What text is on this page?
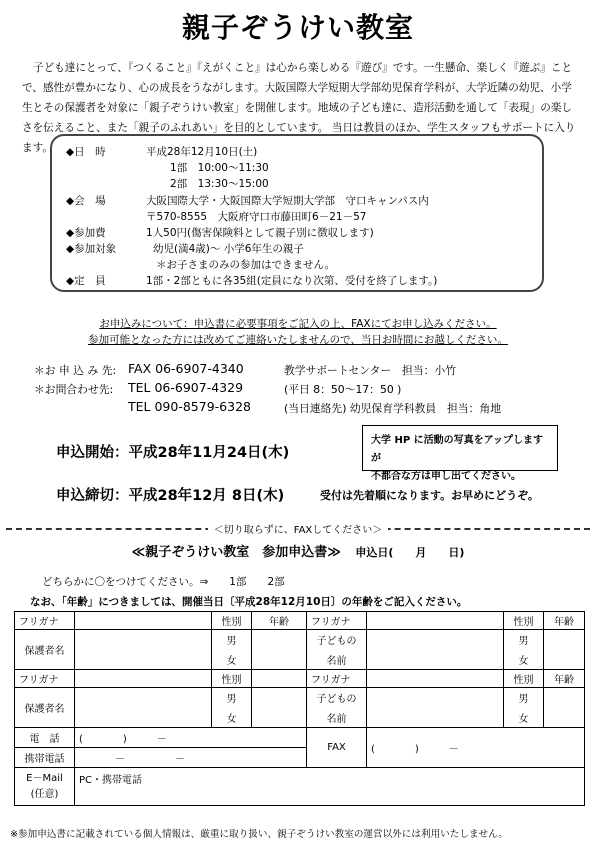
親子ぞうけい教室

子ども達にとって、『つくること』『えがくこと』は心から楽しめる『遊び』です。一生懸命、楽しく『遊ぶ』ことで、感性が豊かになり、心の成長をうながします。大阪国際大学短期大学部幼児保育学科が、大学近隣の幼児、小学生とその保護者を対象に「親子ぞうけい教室」を開催します。地域の子ども達に、造形活動を通して「表現」の楽しさを伝えること、また「親子のふれあい」を目的としています。 当日は教員のほか、学生スタッフもサポートに入ります。	◆日　時	平成28年12月10日(土)
1部　10:00～11:30
2部　13:30～15:00
◆会　場	大阪国際大学・大阪国際大学短期大学部　守口キャンパス内
〒570-8555　大阪府守口市藤田町6－21－57
◆参加費	1人50円(傷害保険料として親子別に徴収します)
◆参加対象	幼児(満4歳)～ 小学6年生の親子
＊お子さまのみの参加はできません。
◆定　員	1部・2部ともに各35組(定員になり次第、受付を終了します。)
お申込みについて：申込書に必要事項をご記入の上、FAXにてお申し込みください。
参加可能となった方には改めてご連絡いたしませんので、当日お時間にお越しください。
＊お 申 込 み 先: FAX 06-6907-4340	教学サポートセンター　担当：小竹
＊お問合わせ先: TEL 06-6907-4329	(平日 8：50～17：50 )
TEL 090-8579-6328	(当日連絡先) 幼児保育学科教員　担当：角地
大学 HP に活動の写真をアップしますが
不都合な方は申し出てください。
申込開始：平成28年11月24日(木)
申込締切：平成28年12月 8日(木)	受付は先着順になります。お早めにどうぞ。
＜切り取らずに、FAXしてください＞
≪親子ぞうけい教室　参加申込書≫ 申込日(　　月　　日)
どちらかに〇をつけてください。⇒　　1部　　2部
なお、「年齢」につきましては、開催当日〔平成28年12月10日〕の年齢をご記入ください。
フリガナ		性別	年齢	フリガナ		性別	年齢
保護者名		男		子どもの		男	
		女		名前		女	
フリガナ		性別		フリガナ		性別	年齢
保護者名		男		子どもの		男	
		女		名前		女	
電　話	(　　　　)　　　－			FAX	(　　　　)　　　－		
携帯電話	－　　　　　－						

E－Mail
(任意)	PC・携帯電話						
※参加申込書に記載されている個人情報は、厳重に取り扱い、親子ぞうけい教室の運営以外には利用いたしません。
